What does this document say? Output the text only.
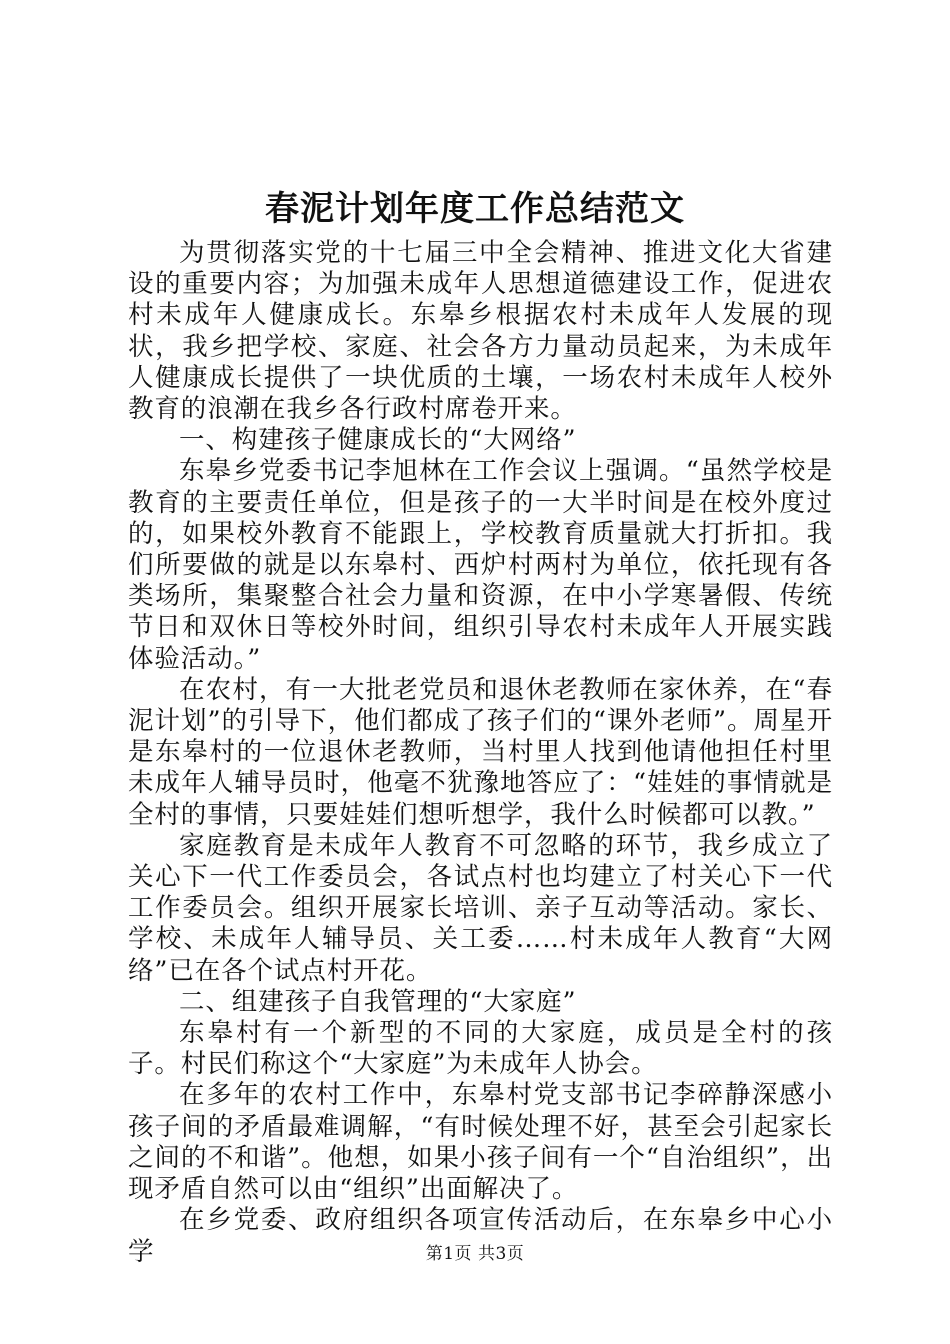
春泥计划年度工作总结范文

为贯彻落实党的十七届三中全会精神、推进文化大省建设的重要内容；为加强未成年人思想道德建设工作，促进农村未成年人健康成长。东皋乡根据农村未成年人发展的现状，我乡把学校、家庭、社会各方力量动员起来，为未成年人健康成长提供了一块优质的土壤，一场农村未成年人校外教育的浪潮在我乡各行政村席卷开来。

一、构建孩子健康成长的“大网络”

东皋乡党委书记李旭林在工作会议上强调。“虽然学校是教育的主要责任单位，但是孩子的一大半时间是在校外度过的，如果校外教育不能跟上，学校教育质量就大打折扣。我们所要做的就是以东皋村、西炉村两村为单位，依托现有各类场所，集聚整合社会力量和资源，在中小学寒暑假、传统节日和双休日等校外时间，组织引导农村未成年人开展实践体验活动。”

在农村，有一大批老党员和退休老教师在家休养，在“春泥计划”的引导下，他们都成了孩子们的“课外老师”。周星开是东皋村的一位退休老教师，当村里人找到他请他担任村里未成年人辅导员时，他毫不犹豫地答应了：“娃娃的事情就是全村的事情，只要娃娃们想听想学，我什么时候都可以教。”

家庭教育是未成年人教育不可忽略的环节，我乡成立了关心下一代工作委员会，各试点村也均建立了村关心下一代工作委员会。组织开展家长培训、亲子互动等活动。家长、学校、未成年人辅导员、关工委……村未成年人教育“大网络”已在各个试点村开花。

二、组建孩子自我管理的“大家庭”

东皋村有一个新型的不同的大家庭，成员是全村的孩子。村民们称这个“大家庭”为未成年人协会。

在多年的农村工作中，东皋村党支部书记李碎静深感小孩子间的矛盾最难调解，“有时候处理不好，甚至会引起家长之间的不和谐”。他想，如果小孩子间有一个“自治组织”，出现矛盾自然可以由“组织”出面解决了。

在乡党委、政府组织各项宣传活动后，在东皋乡中心小学	第1页 共3页
